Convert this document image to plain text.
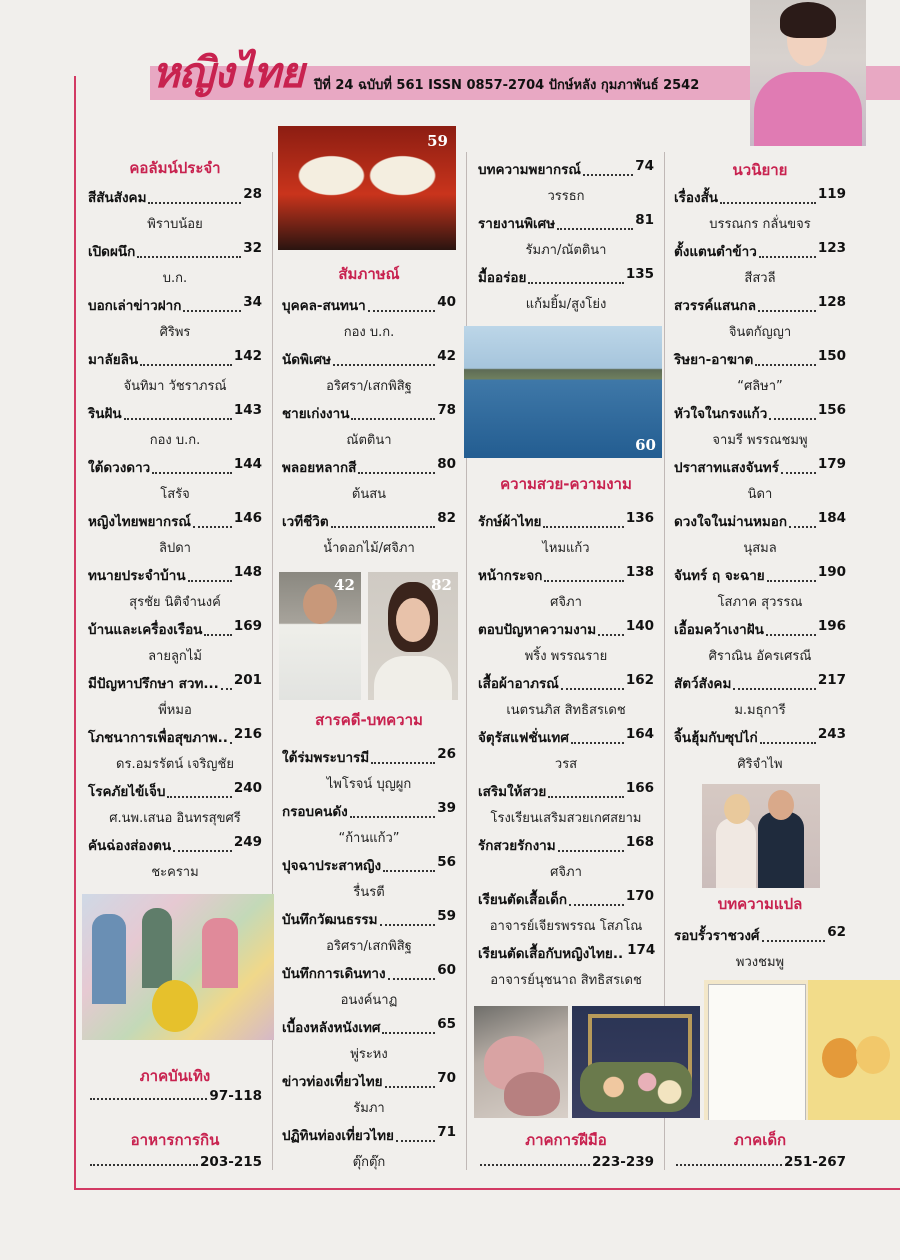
หญิงไทย ปีที่ 24 ฉบับที่ 561 ISSN 0857-2704 ปักษ์หลัง กุมภาพันธ์ 2542
คอลัมน์ประจำ
สีสันสังคม	28
พิราบน้อย
เปิดผนึก	32
บ.ก.
บอกเล่าข่าวฝาก	34
ศิริพร
มาลัยลิน	142
จันทิมา วัชราภรณ์
รินฝัน	143
กอง บ.ก.
ใต้ดวงดาว	144
โสรัจ
หญิงไทยพยากรณ์	146
ลิปดา
ทนายประจำบ้าน	148
สุรชัย นิติจำนงค์
บ้านและเครื่องเรือน 169
ลายลูกไม้
มีปัญหาปรึกษา สวท... 201
พี่หมอ
โภชนาการเพื่อสุขภาพ.. 216
ดร.อมรรัตน์ เจริญชัย
โรคภัยไข้เจ็บ	240
ศ.นพ.เสนอ อินทรสุขศรี
คันฉ่องส่องตน	249
ชะคราม
ภาคบันเทิง
97-118
อาหารการกิน
203-215
สัมภาษณ์
บุคคล-สนทนา	40
กอง บ.ก.
นัดพิเศษ	42
อริศรา/เสกพิสิฐ
ชายเก่งงาน	78
ณัตตินา
พลอยหลากสี	80
ต้นสน
เวทีชีวิต	82
น้ำดอกไม้/ศจิภา
สารคดี-บทความ
ใต้ร่มพระบารมี	26
ไพโรจน์ บุญผูก
กรอบคนดัง	39
“ก้านแก้ว”
ปุจฉาประสาหญิง	56
รื่นรตี
บันทึกวัฒนธรรม	59
อริศรา/เสกพิสิฐ
บันทึกการเดินทาง	60
อนงค์นาฏ
เบื้องหลังหนังเทศ	65
พู่ระหง
ข่าวท่องเที่ยวไทย	70
รัมภา
ปฏิทินท่องเที่ยวไทย	71
ตุ๊กตุ๊ก
บทความพยากรณ์	74
วรรธก
รายงานพิเศษ	81
รัมภา/ณัตตินา
มื้ออร่อย	135
แก้มยิ้ม/สูงโย่ง
ความสวย-ความงาม
รักษ์ผ้าไทย	136
ไหมแก้ว
หน้ากระจก	138
ศจิภา
ตอบปัญหาความงาม 140
พริ้ง พรรณราย
เสื้อผ้าอาภรณ์	162
เนตรนภิส สิทธิสรเดช
จัตุรัสแฟชั่นเทศ	164
วรส
เสริมให้สวย	166
โรงเรียนเสริมสวยเกศสยาม
รักสวยรักงาม	168
ศจิภา
เรียนตัดเสื้อเด็ก	170
อาจารย์เจียรพรรณ โสภโณ
เรียนตัดเสื้อกับหญิงไทย.. 174
อาจารย์นุชนาถ สิทธิสรเดช
ภาคการฝีมือ
223-239
นวนิยาย
เรื่องสั้น	119
บรรณกร กลั่นขจร
ตั้งแตนตำข้าว	123
สีสวลี
สวรรค์แสนกล	128
จินตกัญญา
ริษยา-อาฆาต	150
“ศลิษา”
หัวใจในกรงแก้ว	156
จามรี พรรณชมพู
ปราสาทแสงจันทร์	179
นิดา
ดวงใจในม่านหมอก 184
นุสมล
จันทร์ ฤ จะฉาย	190
โสภาค สุวรรณ
เอื้อมคว้าเงาฝัน	196
ศิราณิน อัครเศรณี
สัตว์สังคม	217
ม.มธุการี
จิ้นฮุ้มกับซุปไก่	243
ศิริจำไพ
บทความแปล
รอบรั้วราชวงศ์	62
พวงชมพู
ภาคเด็ก
251-267
59
42	82
60
